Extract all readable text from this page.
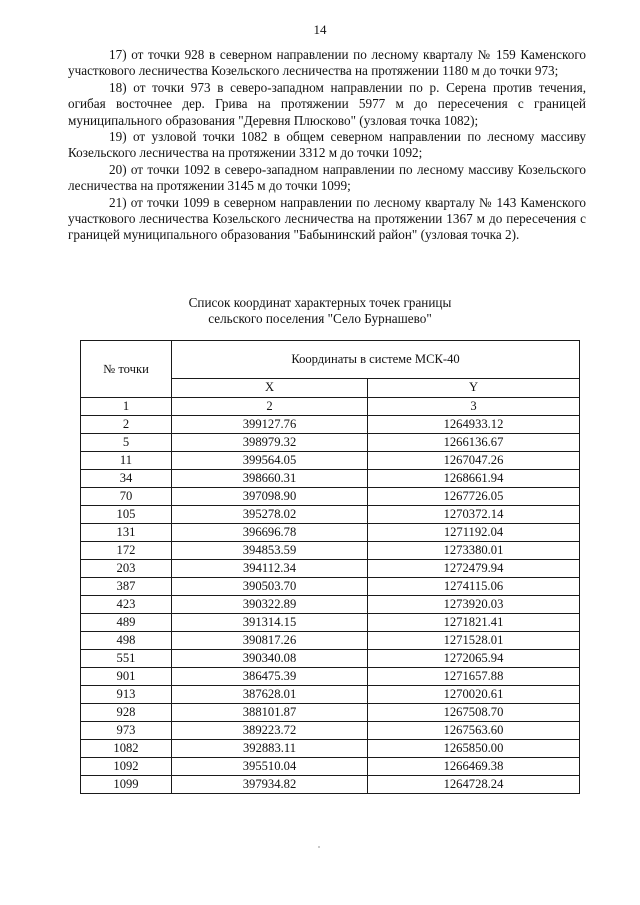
14

17) от точки 928 в северном направлении по лесному кварталу № 159 Каменского участкового лесничества Козельского лесничества на протяжении 1180 м до точки 973;

18) от точки 973 в северо-западном направлении по р. Серена против течения, огибая восточнее дер. Грива на протяжении 5977 м до пересечения с границей муниципального образования "Деревня Плюсково" (узловая точка 1082);

19) от узловой точки 1082 в общем северном направлении по лесному массиву Козельского лесничества на протяжении 3312 м до точки 1092;

20) от точки 1092 в северо-западном направлении по лесному массиву Козельского лесничества на протяжении 3145 м до точки 1099;

21) от точки 1099 в северном направлении по лесному кварталу № 143 Каменского участкового лесничества Козельского лесничества на протяжении 1367 м до пересечения с границей муниципального образования "Бабынинский район" (узловая точка 2).

Список координат характерных точек границы
сельского поселения "Село Бурнашево"
№ точки	Координаты в системе МСК-40	
	X	Y
1	2	3
2	399127.76	1264933.12
5	398979.32	1266136.67
11	399564.05	1267047.26
34	398660.31	1268661.94
70	397098.90	1267726.05
105	395278.02	1270372.14
131	396696.78	1271192.04
172	394853.59	1273380.01
203	394112.34	1272479.94
387	390503.70	1274115.06
423	390322.89	1273920.03
489	391314.15	1271821.41
498	390817.26	1271528.01
551	390340.08	1272065.94
901	386475.39	1271657.88
913	387628.01	1270020.61
928	388101.87	1267508.70
973	389223.72	1267563.60
1082	392883.11	1265850.00
1092	395510.04	1266469.38
1099	397934.82	1264728.24
